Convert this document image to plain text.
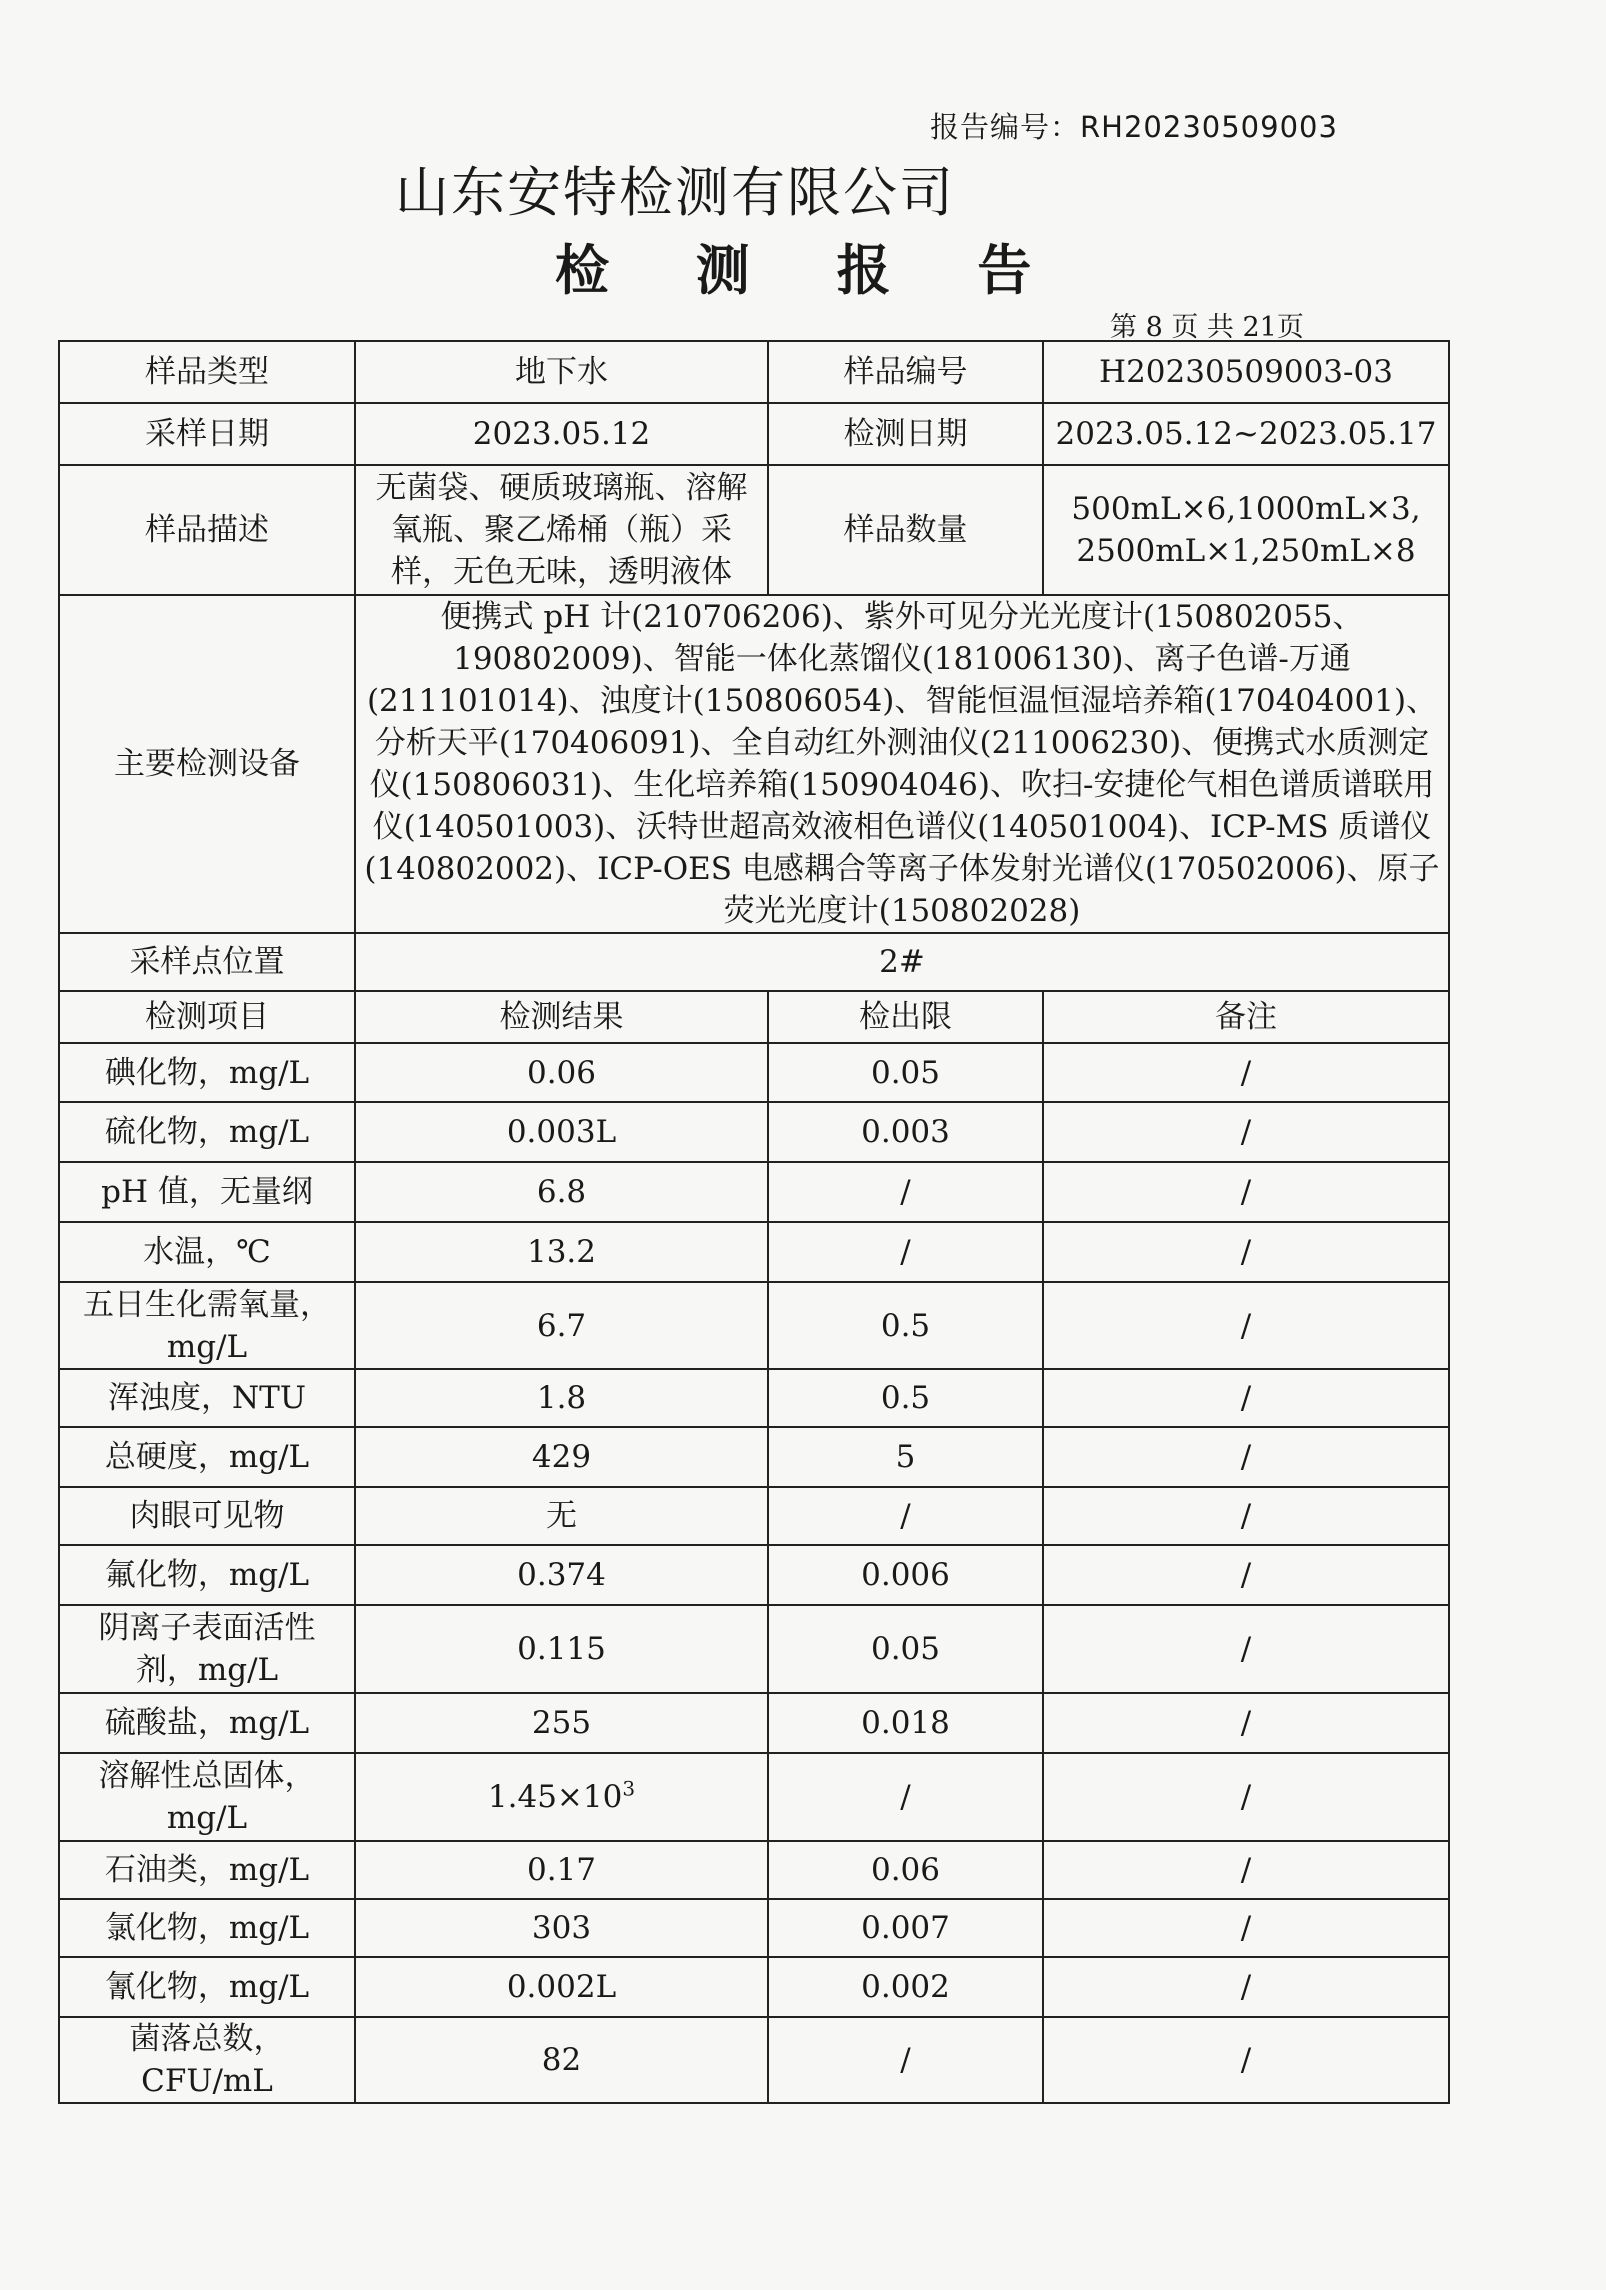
报告编号：RH20230509003
山东安特检测有限公司
检 测 报 告
第 8 页 共 21页
样品类型	地下水	样品编号	H20230509003-03
采样日期	2023.05.12	检测日期	2023.05.12~2023.05.17
样品描述	无菌袋、硬质玻璃瓶、溶解氧瓶、聚乙烯桶（瓶）采样，无色无味，透明液体	样品数量	500mL×6,1000mL×3,
2500mL×1,250mL×8
主要检测设备	便携式 pH 计(210706206)、紫外可见分光光度计(150802055、190802009)、智能一体化蒸馏仪(181006130)、离子色谱-万通(211101014)、浊度计(150806054)、智能恒温恒湿培养箱(170404001)、分析天平(170406091)、全自动红外测油仪(211006230)、便携式水质测定仪(150806031)、生化培养箱(150904046)、吹扫-安捷伦气相色谱质谱联用仪(140501003)、沃特世超高效液相色谱仪(140501004)、ICP-MS 质谱仪(140802002)、ICP-OES 电感耦合等离子体发射光谱仪(170502006)、原子荧光光度计(150802028)		
采样点位置	2#		
检测项目	检测结果	检出限	备注
碘化物，mg/L	0.06	0.05	/
硫化物，mg/L	0.003L	0.003	/
pH 值，无量纲	6.8	/	/
水温，℃	13.2	/	/
五日生化需氧量，
mg/L	6.7	0.5	/
浑浊度，NTU	1.8	0.5	/
总硬度，mg/L	429	5	/
肉眼可见物	无	/	/
氟化物，mg/L	0.374	0.006	/
阴离子表面活性
剂，mg/L	0.115	0.05	/
硫酸盐，mg/L	255	0.018	/
溶解性总固体，
mg/L	$1.45\times 10^3$	/	/
石油类，mg/L	0.17	0.06	/
氯化物，mg/L	303	0.007	/
氰化物，mg/L	0.002L	0.002	/
菌落总数，
CFU/mL	82	/	/
